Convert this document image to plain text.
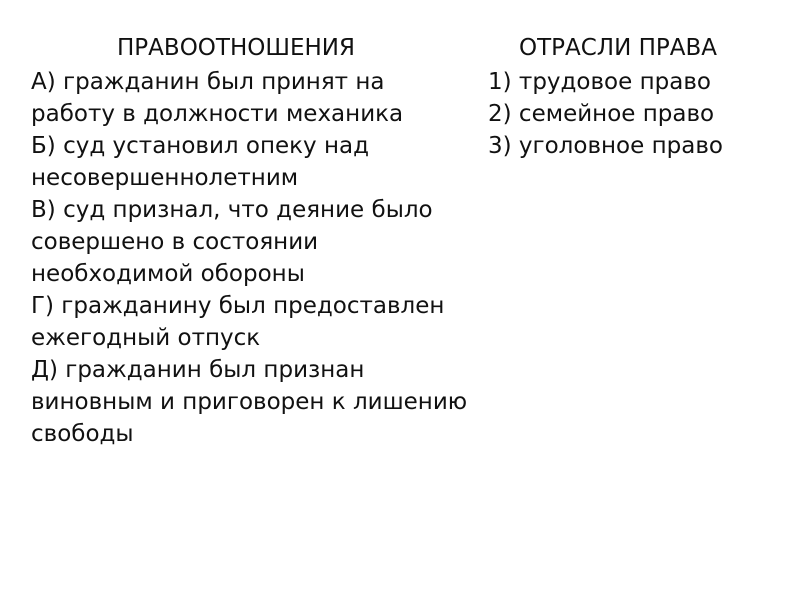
ПРАВООТНОШЕНИЯ
А) гражданин был принят на работу в должности механика
Б) суд установил опеку над несовершеннолетним
В) суд признал, что деяние было совершено в состоянии необходимой обороны
Г) гражданину был предоставлен ежегодный отпуск
Д) гражданин был признан виновным и приговорен к лишению свободы
ОТРАСЛИ ПРАВА
1) трудовое право
2) семейное право
3) уголовное право
